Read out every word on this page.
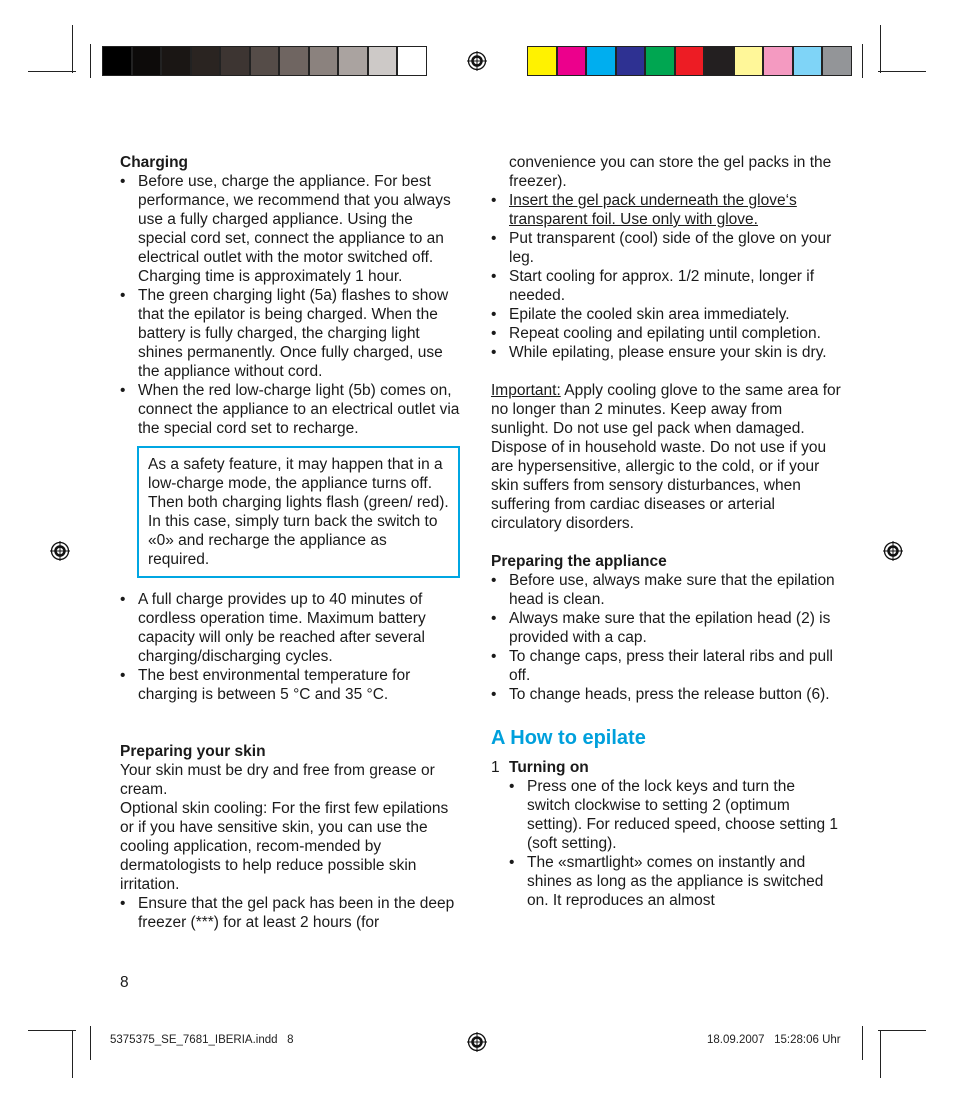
Charging
• Before use, charge the appliance. For best performance, we recommend that you always use a fully charged appliance. Using the special cord set, connect the appliance to an electrical outlet with the motor switched off. Charging time is approximately 1 hour.
• The green charging light (5a) flashes to show that the epilator is being charged. When the battery is fully charged, the charging light shines permanently. Once fully charged, use the appliance without cord.
• When the red low-charge light (5b) comes on, connect the appliance to an electrical outlet via the special cord set to recharge.
As a safety feature, it may happen that in a low-charge mode, the appliance turns off. Then both charging lights flash (green/ red). In this case, simply turn back the switch to «0» and recharge the appliance as required.
• A full charge provides up to 40 minutes of cordless operation time. Maximum battery capacity will only be reached after several charging/discharging cycles.
• The best environmental temperature for charging is between 5 °C and 35 °C.
Preparing your skin
Your skin must be dry and free from grease or cream.
Optional skin cooling: For the first few epilations or if you have sensitive skin, you can use the cooling application, recom-mended by dermatologists to help reduce possible skin irritation.
• Ensure that the gel pack has been in the deep freezer (***) for at least 2 hours (for
8
convenience you can store the gel packs in the freezer).
• Insert the gel pack underneath the glove‘s transparent foil. Use only with glove.
• Put transparent (cool) side of the glove on your leg.
• Start cooling for approx. 1/2 minute, longer if needed.
• Epilate the cooled skin area immediately.
• Repeat cooling and epilating until completion.
• While epilating, please ensure your skin is dry.
Important: Apply cooling glove to the same area for no longer than 2 minutes. Keep away from sunlight. Do not use gel pack when damaged. Dispose of in household waste. Do not use if you are hypersensitive, allergic to the cold, or if your skin suffers from sensory disturbances, when suffering from cardiac diseases or arterial circulatory disorders.
Preparing the appliance
• Before use, always make sure that the epilation head is clean.
• Always make sure that the epilation head (2) is provided with a cap.
• To change caps, press their lateral ribs and pull off.
• To change heads, press the release button (6).
A How to epilate
1 Turning on
• Press one of the lock keys and turn the switch clockwise to setting 2 (optimum setting). For reduced speed, choose setting 1 (soft setting).
• The «smartlight» comes on instantly and shines as long as the appliance is switched on. It reproduces an almost
5375375_SE_7681_IBERIA.indd   8	18.09.2007   15:28:06 Uhr
